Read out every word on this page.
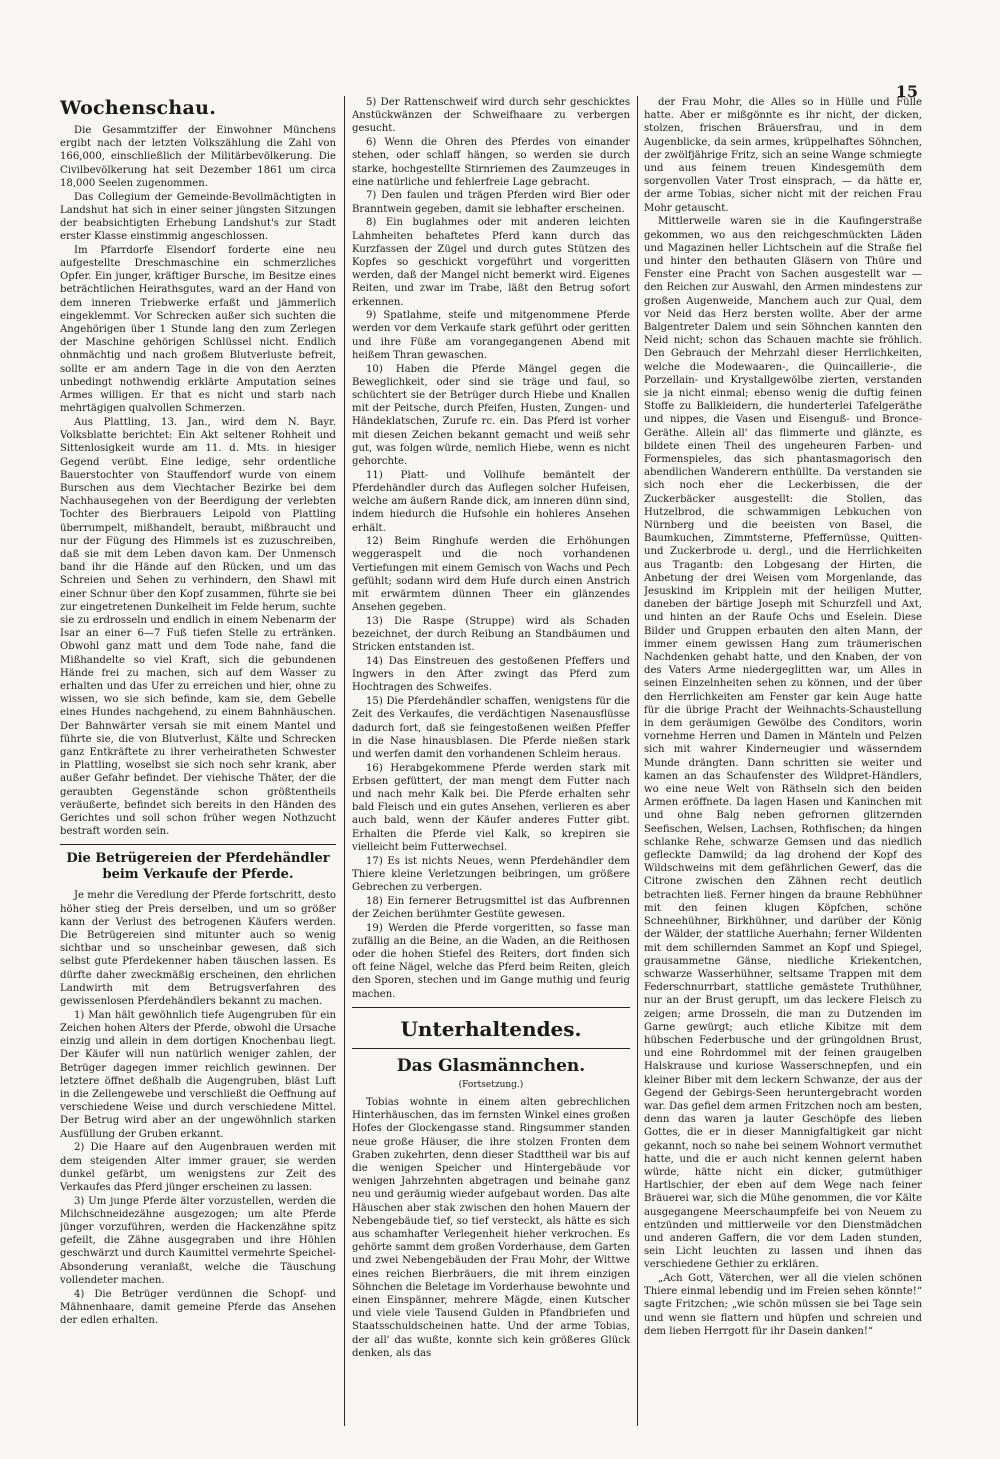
15
Wochenschau.

Die Gesammtziffer der Einwohner Münchens ergibt nach der letzten Volkszählung die Zahl von 166,000, einschließlich der Militärbevölkerung. Die Civilbevölkerung hat seit Dezember 1861 um circa 18,000 Seelen zugenommen.

Das Collegium der Gemeinde-Bevollmächtigten in Landshut hat sich in einer seiner jüngsten Sitzungen der beabsichtigten Erhebung Landshut's zur Stadt erster Klasse einstimmig angeschlossen.

Im Pfarrdorfe Elsendorf forderte eine neu aufgestellte Dreschmaschine ein schmerzliches Opfer. Ein junger, kräftiger Bursche, im Besitze eines beträchtlichen Heirathsgutes, ward an der Hand von dem inneren Triebwerke erfaßt und jämmerlich eingeklemmt. Vor Schrecken außer sich suchten die Angehörigen über 1 Stunde lang den zum Zerlegen der Maschine gehörigen Schlüssel nicht. Endlich ohnmächtig und nach großem Blutverluste befreit, sollte er am andern Tage in die von den Aerzten unbedingt nothwendig erklärte Amputation seines Armes willigen. Er that es nicht und starb nach mehrtägigen qualvollen Schmerzen.

Aus Plattling, 13. Jan., wird dem N. Bayr. Volksblatte berichtet: Ein Akt seltener Rohheit und Sittenlosigkeit wurde am 11. d. Mts. in hiesiger Gegend verübt. Eine ledige, sehr ordentliche Bauerstochter von Stauffendorf wurde von einem Burschen aus dem Viechtacher Bezirke bei dem Nachhausegehen von der Beerdigung der verlebten Tochter des Bierbrauers Leipold von Plattling überrumpelt, mißhandelt, beraubt, mißbraucht und nur der Fügung des Himmels ist es zuzuschreiben, daß sie mit dem Leben davon kam. Der Unmensch band ihr die Hände auf den Rücken, und um das Schreien und Sehen zu verhindern, den Shawl mit einer Schnur über den Kopf zusammen, führte sie bei zur eingetretenen Dunkelheit im Felde herum, suchte sie zu erdrosseln und endlich in einem Nebenarm der Isar an einer 6—7 Fuß tiefen Stelle zu ertränken. Obwohl ganz matt und dem Tode nahe, fand die Mißhandelte so viel Kraft, sich die gebundenen Hände frei zu machen, sich auf dem Wasser zu erhalten und das Ufer zu erreichen und hier, ohne zu wissen, wo sie sich befinde, kam sie, dem Gebelle eines Hundes nachgehend, zu einem Bahnhäuschen. Der Bahnwärter versah sie mit einem Mantel und führte sie, die von Blutverlust, Kälte und Schrecken ganz Entkräftete zu ihrer verheiratheten Schwester in Plattling, woselbst sie sich noch sehr krank, aber außer Gefahr befindet. Der viehische Thäter, der die geraubten Gegenstände schon größtentheils veräußerte, befindet sich bereits in den Händen des Gerichtes und soll schon früher wegen Nothzucht bestraft worden sein.

Die Betrügereien der Pferdehändler beim Verkaufe der Pferde.

Je mehr die Veredlung der Pferde fortschritt, desto höher stieg der Preis derselben, und um so größer kann der Verlust des betrogenen Käufers werden. Die Betrügereien sind mitunter auch so wenig sichtbar und so unscheinbar gewesen, daß sich selbst gute Pferdekenner haben täuschen lassen. Es dürfte daher zweckmäßig erscheinen, den ehrlichen Landwirth mit dem Betrugsverfahren des gewissenlosen Pferdehändlers bekannt zu machen.

1) Man hält gewöhnlich tiefe Augengruben für ein Zeichen hohen Alters der Pferde, obwohl die Ursache einzig und allein in dem dortigen Knochenbau liegt. Der Käufer will nun natürlich weniger zahlen, der Betrüger dagegen immer reichlich gewinnen. Der letztere öffnet deßhalb die Augengruben, bläst Luft in die Zellengewebe und verschließt die Oeffnung auf verschiedene Weise und durch verschiedene Mittel. Der Betrug wird aber an der ungewöhnlich starken Ausfüllung der Gruben erkannt.

2) Die Haare auf den Augenbrauen werden mit dem steigenden Alter immer grauer, sie werden dunkel gefärbt, um wenigstens zur Zeit des Verkaufes das Pferd jünger erscheinen zu lassen.

3) Um junge Pferde älter vorzustellen, werden die Milchschneidezähne ausgezogen; um alte Pferde jünger vorzuführen, werden die Hackenzähne spitz gefeilt, die Zähne ausgegraben und ihre Höhlen geschwärzt und durch Kaumittel vermehrte Speichel-Absonderung veranlaßt, welche die Täuschung vollendeter machen.

4) Die Betrüger verdünnen die Schopf- und Mähnenhaare, damit gemeine Pferde das Ansehen der edlen erhalten.

5) Der Rattenschweif wird durch sehr geschicktes Anstückwänzen der Schweifhaare zu verbergen gesucht.

6) Wenn die Ohren des Pferdes von einander stehen, oder schlaff hängen, so werden sie durch starke, hochgestellte Stirnriemen des Zaumzeuges in eine natürliche und fehlerfreie Lage gebracht.

7) Den faulen und trägen Pferden wird Bier oder Branntwein gegeben, damit sie lebhafter erscheinen.

8) Ein buglahmes oder mit anderen leichten Lahmheiten behaftetes Pferd kann durch das Kurzfassen der Zügel und durch gutes Stützen des Kopfes so geschickt vorgeführt und vorgeritten werden, daß der Mangel nicht bemerkt wird. Eigenes Reiten, und zwar im Trabe, läßt den Betrug sofort erkennen.

9) Spatlahme, steife und mitgenommene Pferde werden vor dem Verkaufe stark geführt oder geritten und ihre Füße am vorangegangenen Abend mit heißem Thran gewaschen.

10) Haben die Pferde Mängel gegen die Beweglichkeit, oder sind sie träge und faul, so schüchtert sie der Betrüger durch Hiebe und Knallen mit der Peitsche, durch Pfeifen, Husten, Zungen- und Händeklatschen, Zurufe rc. ein. Das Pferd ist vorher mit diesen Zeichen bekannt gemacht und weiß sehr gut, was folgen würde, nemlich Hiebe, wenn es nicht gehorchte.

11) Platt- und Vollhufe bemäntelt der Pferdehändler durch das Auflegen solcher Hufeisen, welche am äußern Rande dick, am inneren dünn sind, indem hiedurch die Hufsohle ein hohleres Ansehen erhält.

12) Beim Ringhufe werden die Erhöhungen weggeraspelt und die noch vorhandenen Vertiefungen mit einem Gemisch von Wachs und Pech gefühlt; sodann wird dem Hufe durch einen Anstrich mit erwärmtem dünnen Theer ein glänzendes Ansehen gegeben.

13) Die Raspe (Struppe) wird als Schaden bezeichnet, der durch Reibung an Standbäumen und Stricken entstanden ist.

14) Das Einstreuen des gestoßenen Pfeffers und Ingwers in den After zwingt das Pferd zum Hochtragen des Schweifes.

15) Die Pferdehändler schaffen, wenigstens für die Zeit des Verkaufes, die verdächtigen Nasenausflüsse dadurch fort, daß sie feingestoßenen weißen Pfeffer in die Nase hinausblasen. Die Pferde nießen stark und werfen damit den vorhandenen Schleim heraus.

16) Herabgekommene Pferde werden stark mit Erbsen gefüttert, der man mengt dem Futter nach und nach mehr Kalk bei. Die Pferde erhalten sehr bald Fleisch und ein gutes Ansehen, verlieren es aber auch bald, wenn der Käufer anderes Futter gibt. Erhalten die Pferde viel Kalk, so krepiren sie vielleicht beim Futterwechsel.

17) Es ist nichts Neues, wenn Pferdehändler dem Thiere kleine Verletzungen beibringen, um größere Gebrechen zu verbergen.

18) Ein fernerer Betrugsmittel ist das Aufbrennen der Zeichen berühmter Gestüte gewesen.

19) Werden die Pferde vorgeritten, so fasse man zufällig an die Beine, an die Waden, an die Reithosen oder die hohen Stiefel des Reiters, dort finden sich oft feine Nägel, welche das Pferd beim Reiten, gleich den Sporen, stechen und im Gange muthig und feurig machen.

Unterhaltendes.
Das Glasmännchen.
(Fortsetzung.)

Tobias wohnte in einem alten gebrechlichen Hinterhäuschen, das im fernsten Winkel eines großen Hofes der Glockengasse stand. Ringsummer standen neue große Häuser, die ihre stolzen Fronten dem Graben zukehrten, denn dieser Stadttheil war bis auf die wenigen Speicher und Hintergebäude vor wenigen Jahrzehnten abgetragen und beinahe ganz neu und geräumig wieder aufgebaut worden. Das alte Häuschen aber stak zwischen den hohen Mauern der Nebengebäude tief, so tief versteckt, als hätte es sich aus schamhafter Verlegenheit hieher verkrochen. Es gehörte sammt dem großen Vorderhause, dem Garten und zwei Nebengebäuden der Frau Mohr, der Wittwe eines reichen Bierbräuers, die mit ihrem einzigen Söhnchen die Beletage im Vorderhause bewohnte und einen Einspänner, mehrere Mägde, einen Kutscher und viele viele Tausend Gulden in Pfandbriefen und Staatsschuldscheinen hatte. Und der arme Tobias, der all' das wußte, konnte sich kein größeres Glück denken, als das

der Frau Mohr, die Alles so in Hülle und Fülle hatte. Aber er mißgönnte es ihr nicht, der dicken, stolzen, frischen Bräuersfrau, und in dem Augenblicke, da sein armes, krüppelhaftes Söhnchen, der zwölfjährige Fritz, sich an seine Wange schmiegte und aus feinem treuen Kindesgemüth dem sorgenvollen Vater Trost einsprach, — da hätte er, der arme Tobias, sicher nicht mit der reichen Frau Mohr getauscht.

Mittlerweile waren sie in die Kaufingerstraße gekommen, wo aus den reichgeschmückten Läden und Magazinen heller Lichtschein auf die Straße fiel und hinter den bethauten Gläsern von Thüre und Fenster eine Pracht von Sachen ausgestellt war — den Reichen zur Auswahl, den Armen mindestens zur großen Augenweide, Manchem auch zur Qual, dem vor Neid das Herz bersten wollte. Aber der arme Balgentreter Dalem und sein Söhnchen kannten den Neid nicht; schon das Schauen machte sie fröhlich. Den Gebrauch der Mehrzahl dieser Herrlichkeiten, welche die Modewaaren-, die Quincaillerie-, die Porzellain- und Krystallgewölbe zierten, verstanden sie ja nicht einmal; ebenso wenig die duftig feinen Stoffe zu Ballkleidern, die hunderterlei Tafelgeräthe und nippes, die Vasen und Eisenguß- und Bronce-Geräthe. Allein all' das flimmerte und glänzte, es bildete einen Theil des ungeheuren Farben- und Formenspieles, das sich phantasmagorisch den abendlichen Wanderern enthüllte. Da verstanden sie sich noch eher die Leckerbissen, die der Zuckerbäcker ausgestellt: die Stollen, das Hutzelbrod, die schwammigen Lebkuchen von Nürnberg und die beeisten von Basel, die Baumkuchen, Zimmtsterne, Pfeffernüsse, Quitten- und Zuckerbrode u. dergl., und die Herrlichkeiten aus Tragantb: den Lobgesang der Hirten, die Anbetung der drei Weisen vom Morgenlande, das Jesuskind im Kripplein mit der heiligen Mutter, daneben der bärtige Joseph mit Schurzfell und Axt, und hinten an der Raufe Ochs und Eselein. Diese Bilder und Gruppen erbauten den alten Mann, der immer einem gewissen Hang zum träumerischen Nachdenken gehabt hatte, und den Knaben, der von des Vaters Arme niedergeglitten war, um Alles in seinen Einzelnheiten sehen zu können, und der über den Herrlichkeiten am Fenster gar kein Auge hatte für die übrige Pracht der Weihnachts-Schaustellung in dem geräumigen Gewölbe des Conditors, worin vornehme Herren und Damen in Mänteln und Pelzen sich mit wahrer Kinderneugier und wässerndem Munde drängten. Dann schritten sie weiter und kamen an das Schaufenster des Wildpret-Händlers, wo eine neue Welt von Räthseln sich den beiden Armen eröffnete. Da lagen Hasen und Kaninchen mit und ohne Balg neben gefrornen glitzernden Seefischen, Welsen, Lachsen, Rothfischen; da hingen schlanke Rehe, schwarze Gemsen und das niedlich gefleckte Damwild; da lag drohend der Kopf des Wildschweins mit dem gefährlichen Gewerf, das die Citrone zwischen den Zähnen recht deutlich betrachten ließ. Ferner hingen da braune Rebhühner mit den feinen klugen Köpfchen, schöne Schneehühner, Birkhühner, und darüber der König der Wälder, der stattliche Auerhahn; ferner Wildenten mit dem schillernden Sammet an Kopf und Spiegel, grausammetne Gänse, niedliche Kriekentchen, schwarze Wasserhühner, seltsame Trappen mit dem Federschnurrbart, stattliche gemästete Truthühner, nur an der Brust gerupft, um das leckere Fleisch zu zeigen; arme Drosseln, die man zu Dutzenden im Garne gewürgt; auch etliche Kibitze mit dem hübschen Federbusche und der grüngoldnen Brust, und eine Rohrdommel mit der feinen graugelben Halskrause und kuriose Wasserschnepfen, und ein kleiner Biber mit dem leckern Schwanze, der aus der Gegend der Gebirgs-Seen heruntergebracht worden war. Das gefiel dem armen Fritzchen noch am besten, denn das waren ja lauter Geschöpfe des lieben Gottes, die er in dieser Mannigfaltigkeit gar nicht gekannt, noch so nahe bei seinem Wohnort vermuthet hatte, und die er auch nicht kennen gelernt haben würde, hätte nicht ein dicker, gutmüthiger Hartlschier, der eben auf dem Wege nach feiner Bräuerei war, sich die Mühe genommen, die vor Kälte ausgegangene Meerschaumpfeife bei von Neuem zu entzünden und mittlerweile vor den Dienstmädchen und anderen Gaffern, die vor dem Laden stunden, sein Licht leuchten zu lassen und ihnen das verschiedene Gethier zu erklären.

„Ach Gott, Väterchen, wer all die vielen schönen Thiere einmal lebendig und im Freien sehen könnte!“ sagte Fritzchen; „wie schön müssen sie bei Tage sein und wenn sie flattern und hüpfen und schreien und dem lieben Herrgott für ihr Dasein danken!“
